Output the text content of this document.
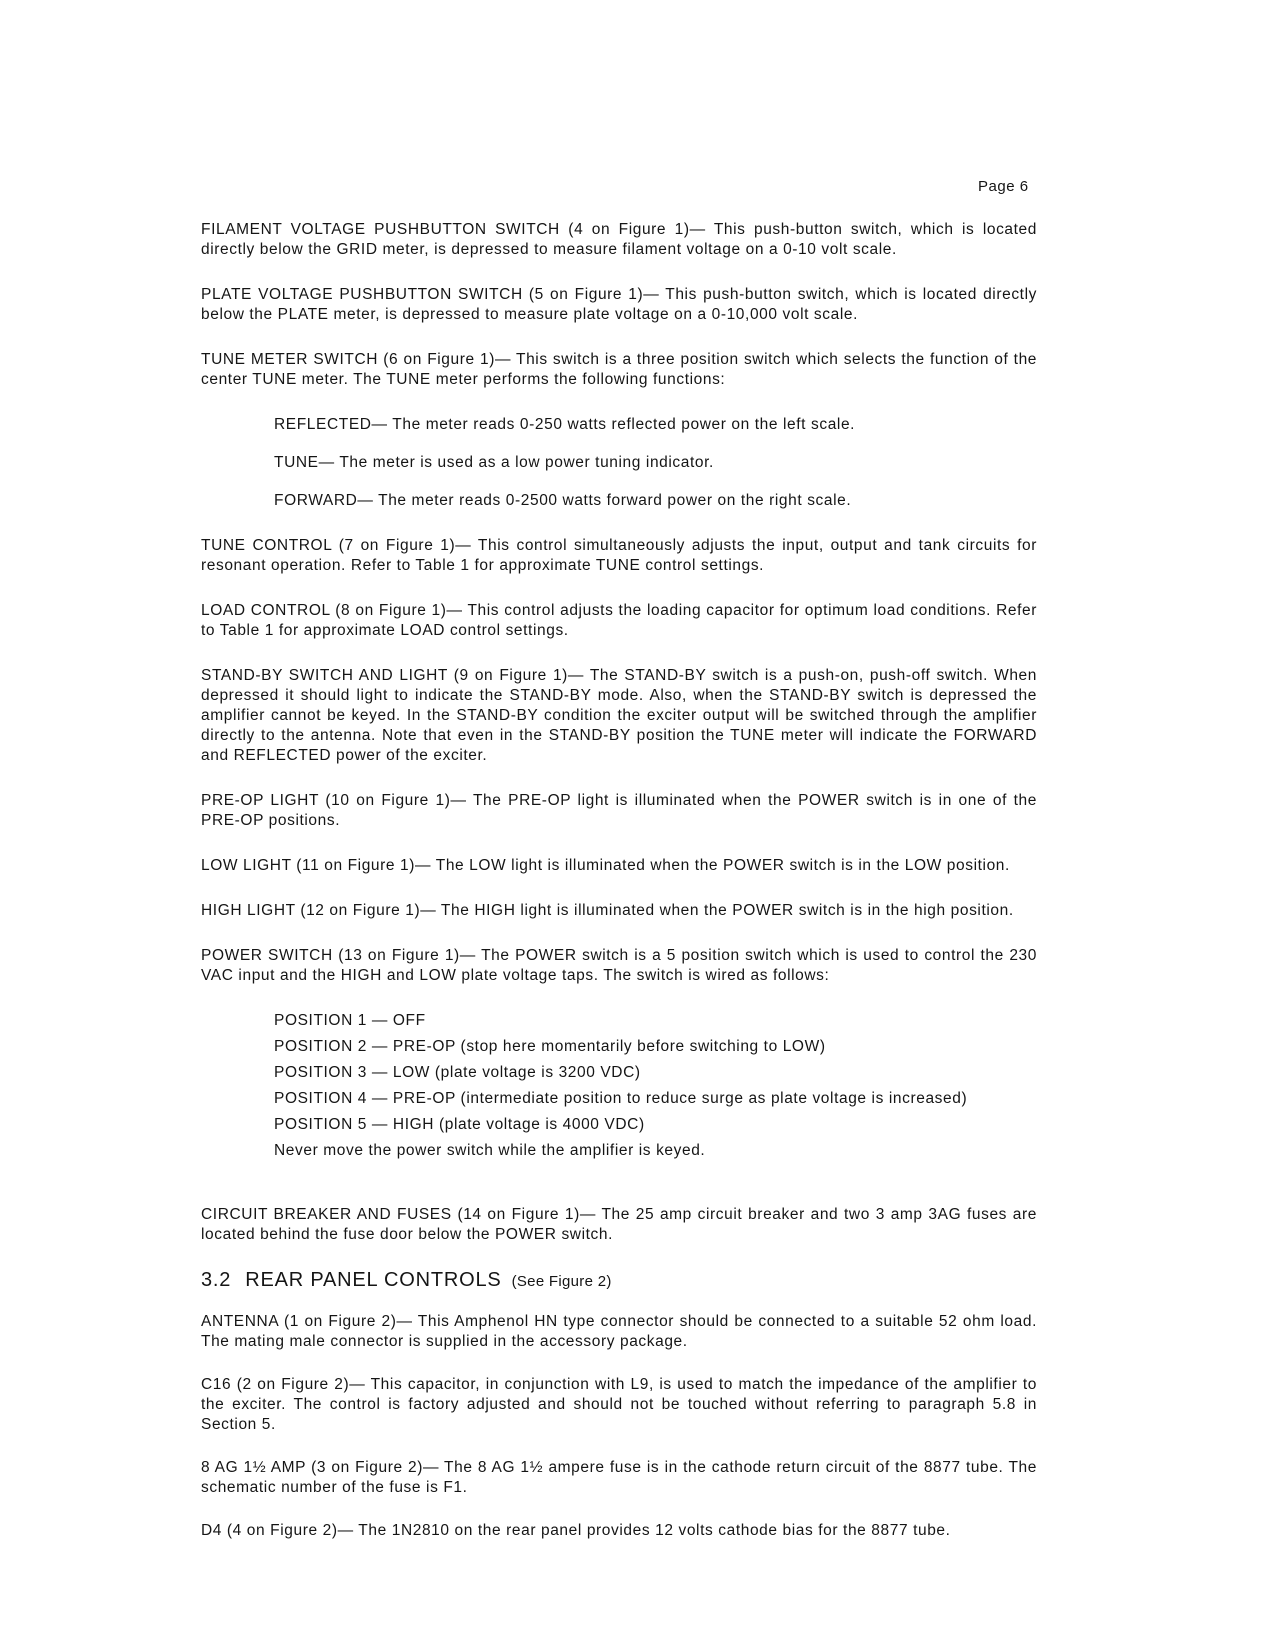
Page 6

FILAMENT VOLTAGE PUSHBUTTON SWITCH (4 on Figure 1)— This push-button switch, which is located directly below the GRID meter, is depressed to measure filament voltage on a 0-10 volt scale.

PLATE VOLTAGE PUSHBUTTON SWITCH (5 on Figure 1)— This push-button switch, which is located directly below the PLATE meter, is depressed to measure plate voltage on a 0-10,000 volt scale.

TUNE METER SWITCH (6 on Figure 1)— This switch is a three position switch which selects the function of the center TUNE meter. The TUNE meter performs the following functions:

REFLECTED— The meter reads 0-250 watts reflected power on the left scale.
TUNE— The meter is used as a low power tuning indicator.
FORWARD— The meter reads 0-2500 watts forward power on the right scale.

TUNE CONTROL (7 on Figure 1)— This control simultaneously adjusts the input, output and tank circuits for resonant operation. Refer to Table 1 for approximate TUNE control settings.

LOAD CONTROL (8 on Figure 1)— This control adjusts the loading capacitor for optimum load conditions. Refer to Table 1 for approximate LOAD control settings.

STAND-BY SWITCH AND LIGHT (9 on Figure 1)— The STAND-BY switch is a push-on, push-off switch. When depressed it should light to indicate the STAND-BY mode. Also, when the STAND-BY switch is depressed the amplifier cannot be keyed. In the STAND-BY condition the exciter output will be switched through the amplifier directly to the antenna. Note that even in the STAND-BY position the TUNE meter will indicate the FORWARD and REFLECTED power of the exciter.

PRE-OP LIGHT (10 on Figure 1)— The PRE-OP light is illuminated when the POWER switch is in one of the PRE-OP positions.

LOW LIGHT (11 on Figure 1)— The LOW light is illuminated when the POWER switch is in the LOW position.

HIGH LIGHT (12 on Figure 1)— The HIGH light is illuminated when the POWER switch is in the high position.

POWER SWITCH (13 on Figure 1)— The POWER switch is a 5 position switch which is used to control the 230 VAC input and the HIGH and LOW plate voltage taps. The switch is wired as follows:

POSITION 1 — OFF
POSITION 2 — PRE-OP (stop here momentarily before switching to LOW)
POSITION 3 — LOW (plate voltage is 3200 VDC)
POSITION 4 — PRE-OP (intermediate position to reduce surge as plate voltage is increased)
POSITION 5 — HIGH (plate voltage is 4000 VDC)
Never move the power switch while the amplifier is keyed.

CIRCUIT BREAKER AND FUSES (14 on Figure 1)— The 25 amp circuit breaker and two 3 amp 3AG fuses are located behind the fuse door below the POWER switch.

3.2 REAR PANEL CONTROLS (See Figure 2)

ANTENNA (1 on Figure 2)— This Amphenol HN type connector should be connected to a suitable 52 ohm load. The mating male connector is supplied in the accessory package.

C16 (2 on Figure 2)— This capacitor, in conjunction with L9, is used to match the impedance of the amplifier to the exciter. The control is factory adjusted and should not be touched without referring to paragraph 5.8 in Section 5.

8 AG 1½ AMP (3 on Figure 2)— The 8 AG 1½ ampere fuse is in the cathode return circuit of the 8877 tube. The schematic number of the fuse is F1.

D4 (4 on Figure 2)— The 1N2810 on the rear panel provides 12 volts cathode bias for the 8877 tube.
